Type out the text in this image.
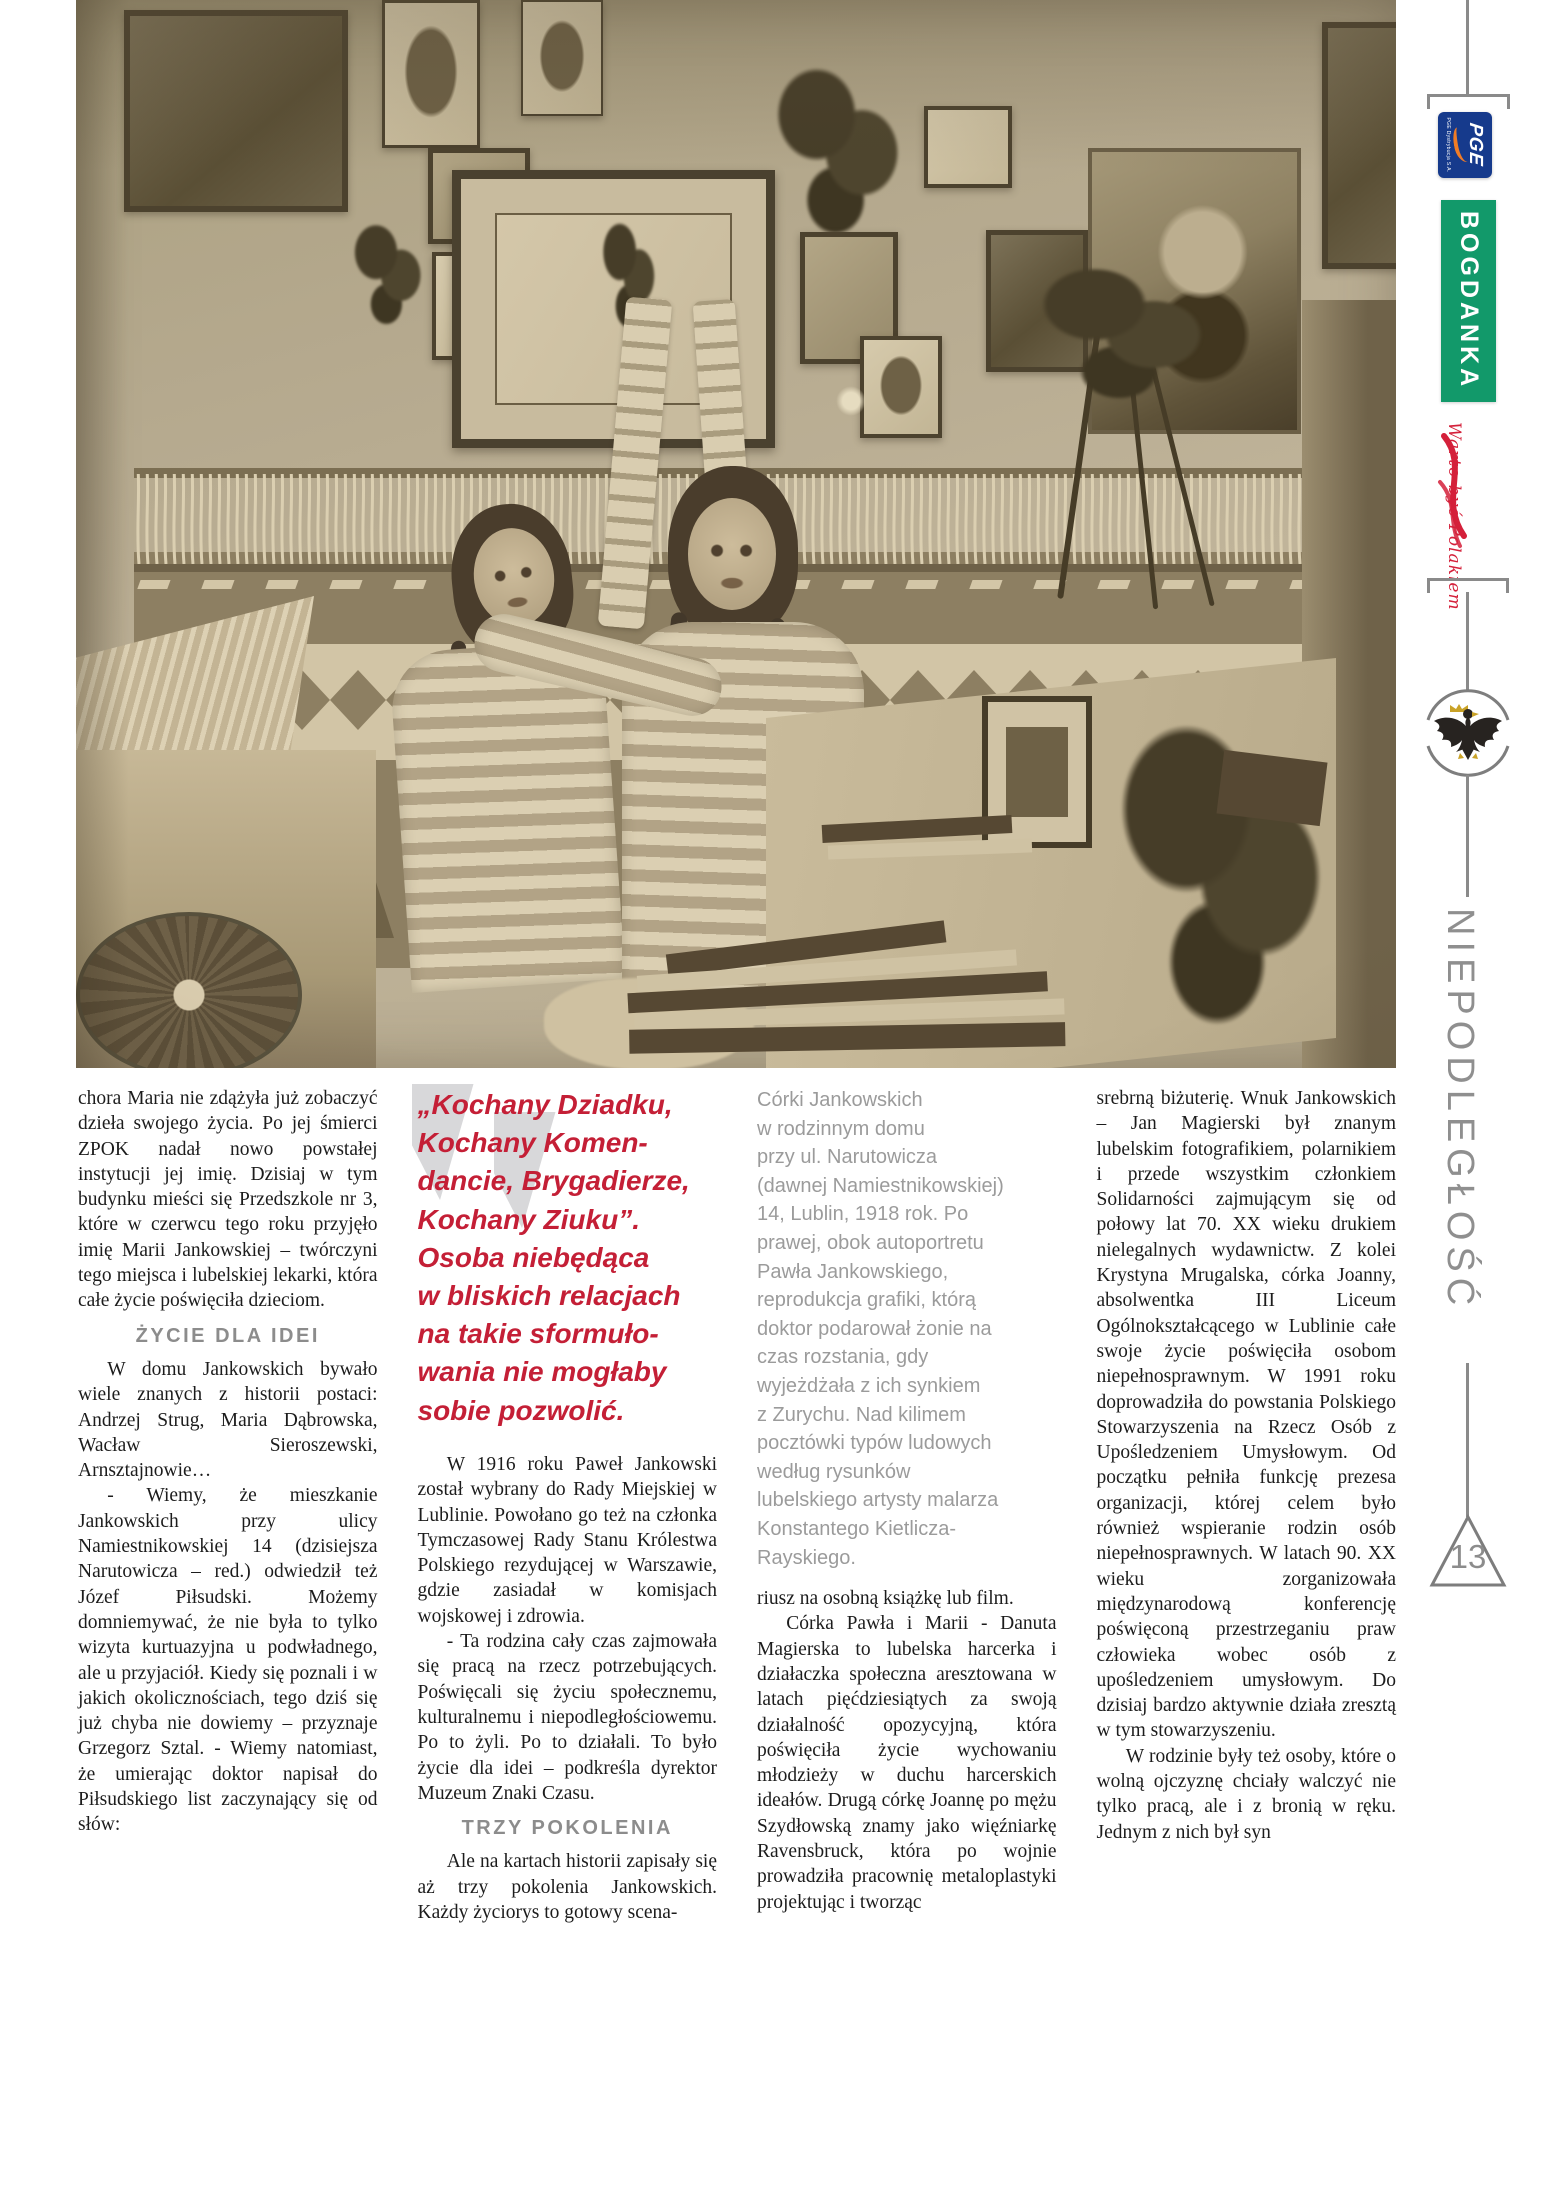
PGE
PGE Dystrybucja S.A.
BOGDANKA
Warto być Polakiem
NIEPODLEGŁOŚĆ
13

chora Maria nie zdążyła już zobaczyć dzieła swojego życia. Po jej śmierci ZPOK nadał nowo powstałej instytucji jej imię. Dzisiaj w tym budynku mieści się Przedszkole nr 3, które w czerwcu tego roku przyjęło imię Marii Jankowskiej – twórczyni tego miejsca i lubelskiej lekarki, która całe życie poświęciła dzieciom.

ŻYCIE DLA IDEI

W domu Jankowskich bywało wiele znanych z historii postaci: Andrzej Strug, Maria Dąbrowska, Wacław Sieroszewski, Arnsztajnowie…

- Wiemy, że mieszkanie Jankowskich przy ulicy Namiestnikowskiej 14 (dzisiejsza Narutowicza – red.) odwiedził też Józef Piłsudski. Możemy domniemywać, że nie była to tylko wizyta kurtuazyjna u podwładnego, ale u przyjaciół. Kiedy się poznali i w jakich okolicznościach, tego dziś się już chyba nie dowiemy – przyznaje Grzegorz Sztal. - Wiemy natomiast, że umierając doktor napisał do Piłsudskiego list zaczynający się od słów:

„Kochany Dziadku,
Kochany Komen-
dancie, Brygadierze,
Kochany Ziuku”.
Osoba niebędąca
w bliskich relacjach
na takie sformuło-
wania nie mogłaby
sobie pozwolić.

W 1916 roku Paweł Jankowski został wybrany do Rady Miejskiej w Lublinie. Powołano go też na członka Tymczasowej Rady Stanu Królestwa Polskiego rezydującej w Warszawie, gdzie zasiadał w komisjach wojskowej i zdrowia.

- Ta rodzina cały czas zajmowała się pracą na rzecz potrzebujących. Poświęcali się życiu społecznemu, kulturalnemu i niepodległościowemu. Po to żyli. Po to działali. To było życie dla idei – podkreśla dyrektor Muzeum Znaki Czasu.

TRZY POKOLENIA

Ale na kartach historii zapisały się aż trzy pokolenia Jankowskich. Każdy życiorys to gotowy scena-

Córki Jankowskich
w rodzinnym domu
przy ul. Narutowicza
(dawnej Namiestnikowskiej)
14, Lublin, 1918 rok. Po
prawej, obok autoportretu
Pawła Jankowskiego,
reprodukcja grafiki, którą
doktor podarował żonie na
czas rozstania, gdy
wyjeżdżała z ich synkiem
z Zurychu. Nad kilimem
pocztówki typów ludowych
według rysunków
lubelskiego artysty malarza
Konstantego Kietlicza-
Rayskiego.

riusz na osobną książkę lub film.

Córka Pawła i Marii - Danuta Magierska to lubelska harcerka i działaczka społeczna aresztowana w latach pięćdziesiątych za swoją działalność opozycyjną, która poświęciła życie wychowaniu młodzieży w duchu harcerskich ideałów. Drugą córkę Joannę po mężu Szydłowską znamy jako więźniarkę Ravensbruck, która po wojnie prowadziła pracownię metaloplastyki projektując i tworząc

srebrną biżuterię. Wnuk Jankowskich – Jan Magierski był znanym lubelskim fotografikiem, polarnikiem i przede wszystkim członkiem Solidarności zajmującym się od połowy lat 70. XX wieku drukiem nielegalnych wydawnictw. Z kolei Krystyna Mrugalska, córka Joanny, absolwentka III Liceum Ogólnokształcącego w Lublinie całe swoje życie poświęciła osobom niepełnosprawnym. W 1991 roku doprowadziła do powstania Polskiego Stowarzyszenia na Rzecz Osób z Upośledzeniem Umysłowym. Od początku pełniła funkcję prezesa organizacji, której celem było również wspieranie rodzin osób niepełnosprawnych. W latach 90. XX wieku zorganizowała międzynarodową konferencję poświęconą przestrzeganiu praw człowieka wobec osób z upośledzeniem umysłowym. Do dzisiaj bardzo aktywnie działa zresztą w tym stowarzyszeniu.

W rodzinie były też osoby, które o wolną ojczyznę chciały walczyć nie tylko pracą, ale i z bronią w ręku. Jednym z nich był syn
